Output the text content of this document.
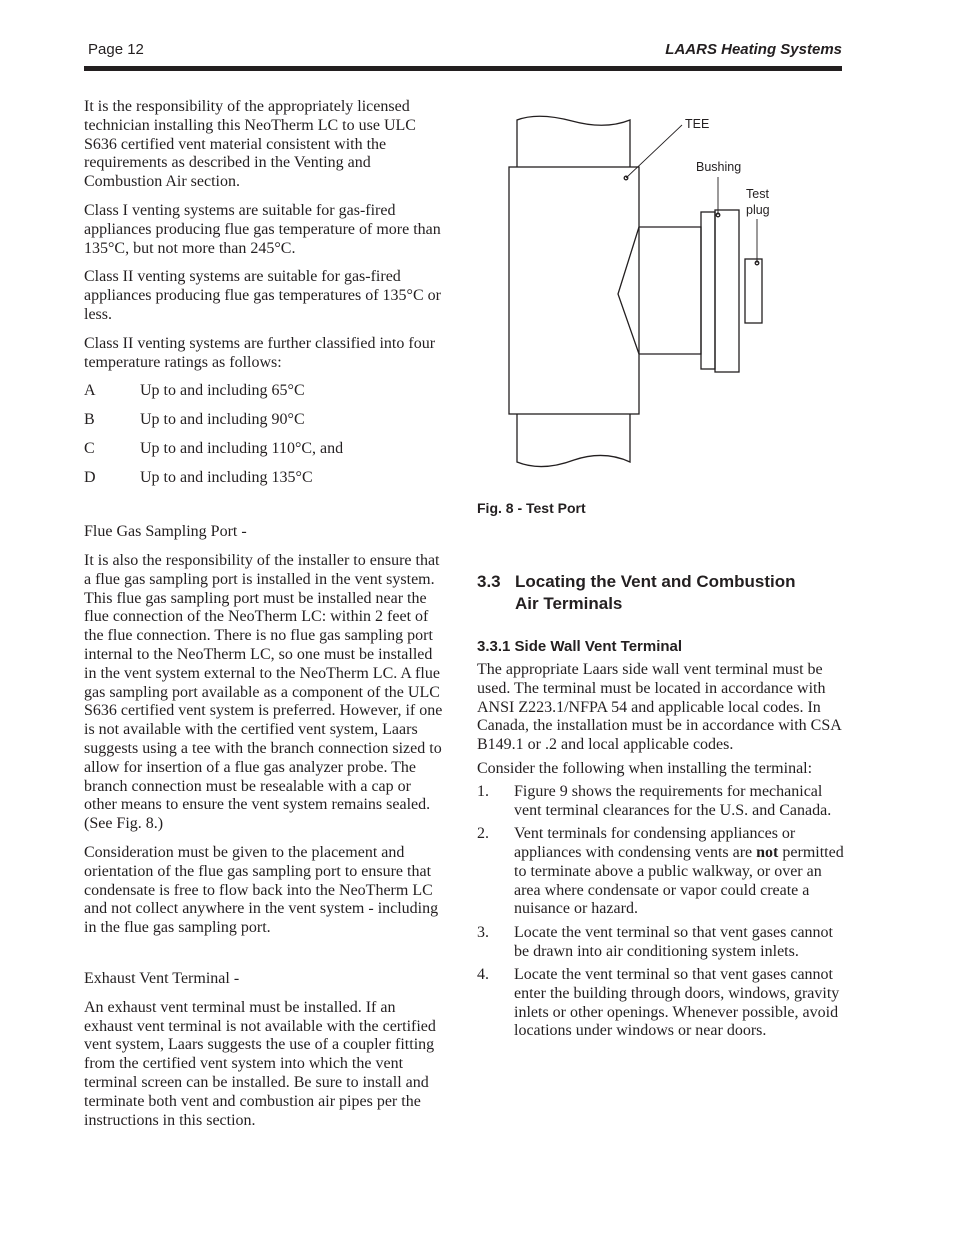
Page 12	LAARS Heating Systems

It is the responsibility of the appropriately licensed technician installing this NeoTherm LC to use ULC S636 certified vent material consistent with the requirements as described in the Venting and Combustion Air section.

Class I venting systems are suitable for gas-fired appliances producing flue gas temperature of more than 135°C, but not more than 245°C.

Class II venting systems are suitable for gas-fired appliances producing flue gas temperatures of 135°C or less.

Class II venting systems are further classified into four temperature ratings as follows:

A	Up to and including 65°C
B	Up to and including 90°C
C	Up to and including 110°C, and
D	Up to and including 135°C

Flue Gas Sampling Port -

It is also the responsibility of the installer to ensure that a flue gas sampling port is installed in the vent system. This flue gas sampling port must be installed near the flue connection of the NeoTherm LC: within 2 feet of the flue connection. There is no flue gas sampling port internal to the NeoTherm LC, so one must be installed in the vent system external to the NeoTherm LC. A flue gas sampling port available as a component of the ULC S636 certified vent system is preferred. However, if one is not available with the certified vent system, Laars suggests using a tee with the branch connection sized to allow for insertion of a flue gas analyzer probe. The branch connection must be resealable with a cap or other means to ensure the vent system remains sealed. (See Fig. 8.)

Consideration must be given to the placement and orientation of the flue gas sampling port to ensure that condensate is free to flow back into the NeoTherm LC and not collect anywhere in the vent system - including in the flue gas sampling port.

Exhaust Vent Terminal -

An exhaust vent terminal must be installed. If an exhaust vent terminal is not available with the certified vent system, Laars suggests the use of a coupler fitting from the certified vent system into which the vent terminal screen can be installed. Be sure to install and terminate both vent and combustion air pipes per the instructions in this section.

TEE
Bushing
Test
plug
Fig. 8 - Test Port
3.3 Locating the Vent and Combustion
Air Terminals
3.3.1 Side Wall Vent Terminal

The appropriate Laars side wall vent terminal must be used. The terminal must be located in accordance with ANSI Z223.1/NFPA 54 and applicable local codes. In Canada, the installation must be in accordance with CSA B149.1 or .2 and local applicable codes.

Consider the following when installing the terminal:

1.	Figure 9 shows the requirements for mechanical vent terminal clearances for the U.S. and Canada.
2.	Vent terminals for condensing appliances or appliances with condensing vents are not permitted to terminate above a public walkway, or over an area where condensate or vapor could create a nuisance or hazard.
3.	Locate the vent terminal so that vent gases cannot be drawn into air conditioning system inlets.
4.	Locate the vent terminal so that vent gases cannot enter the building through doors, windows, gravity inlets or other openings. Whenever possible, avoid locations under windows or near doors.
